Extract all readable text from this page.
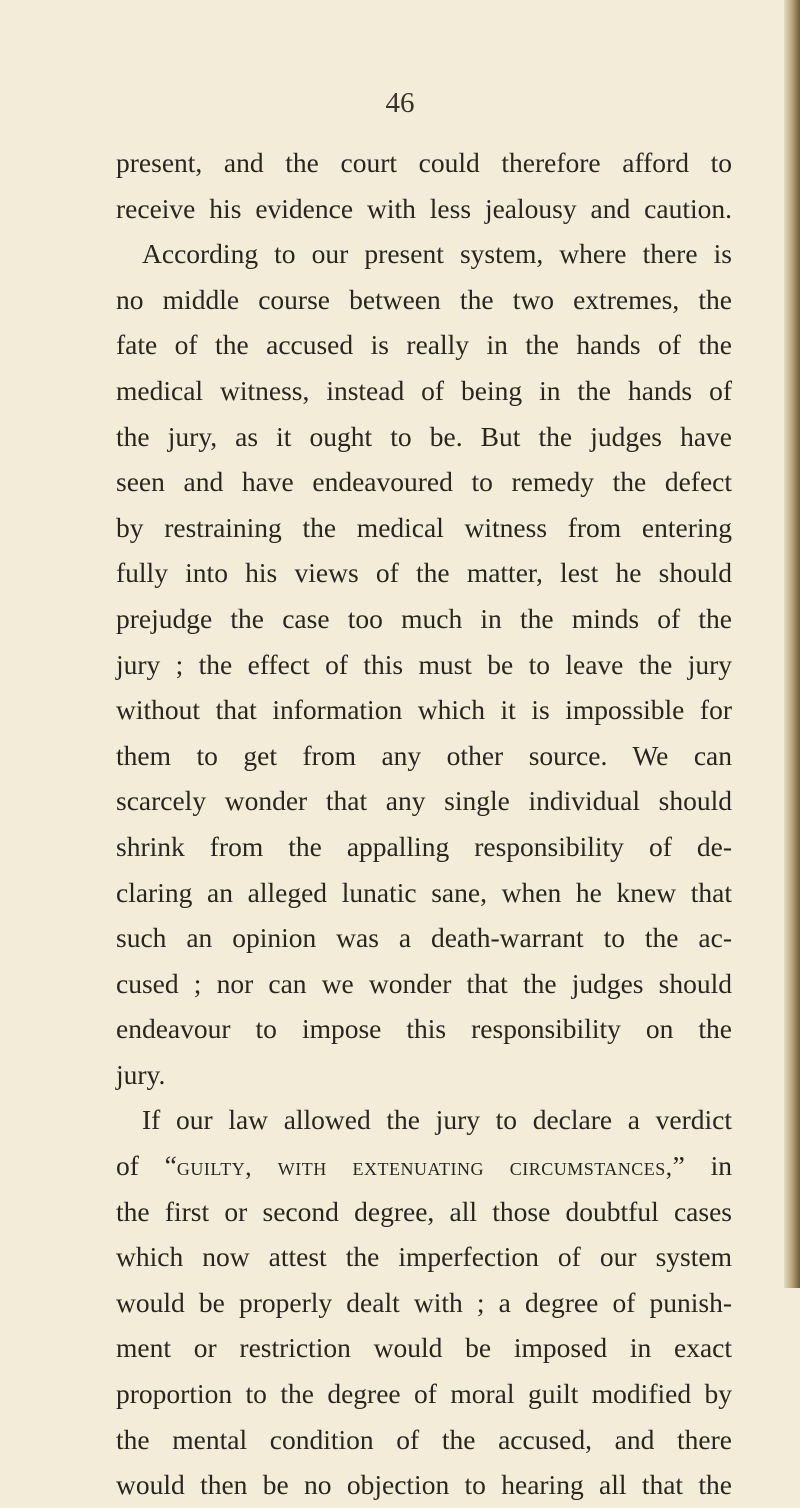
46
present, and the court could therefore afford to
receive his evidence with less jealousy and caution.
According to our present system, where there is
no middle course between the two extremes, the
fate of the accused is really in the hands of the
medical witness, instead of being in the hands of
the jury, as it ought to be. But the judges have
seen and have endeavoured to remedy the defect
by restraining the medical witness from entering
fully into his views of the matter, lest he should
prejudge the case too much in the minds of the
jury ; the effect of this must be to leave the jury
without that information which it is impossible for
them to get from any other source. We can
scarcely wonder that any single individual should
shrink from the appalling responsibility of de-
claring an alleged lunatic sane, when he knew that
such an opinion was a death-warrant to the ac-
cused ; nor can we wonder that the judges should
endeavour to impose this responsibility on the
jury.
If our law allowed the jury to declare a verdict
of “guilty, with extenuating circumstances,” in
the first or second degree, all those doubtful cases
which now attest the imperfection of our system
would be properly dealt with ; a degree of punish-
ment or restriction would be imposed in exact
proportion to the degree of moral guilt modified by
the mental condition of the accused, and there
would then be no objection to hearing all that the
